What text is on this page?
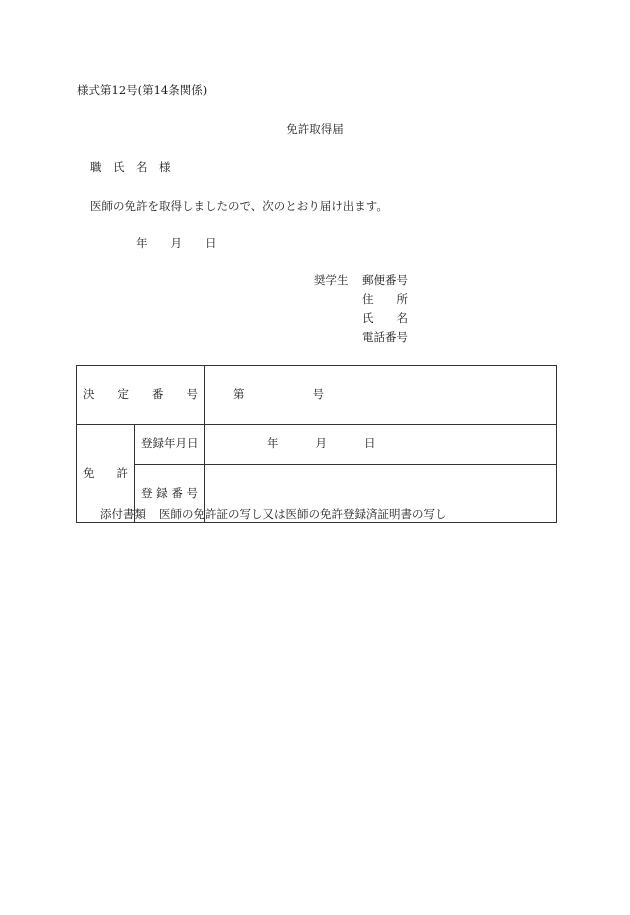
様式第12号(第14条関係)
免許取得届
職　氏　名　様
医師の免許を取得しましたので、次のとおり届け出ます。
年　　月　　日
奨学生 郵便番号
住　　所
氏　　名
電話番号

決 定 番 号		第 号

免 許	登録年月日	年 月 日

	登 録 番 号	

添付書類 医師の免許証の写し又は医師の免許登録済証明書の写し
